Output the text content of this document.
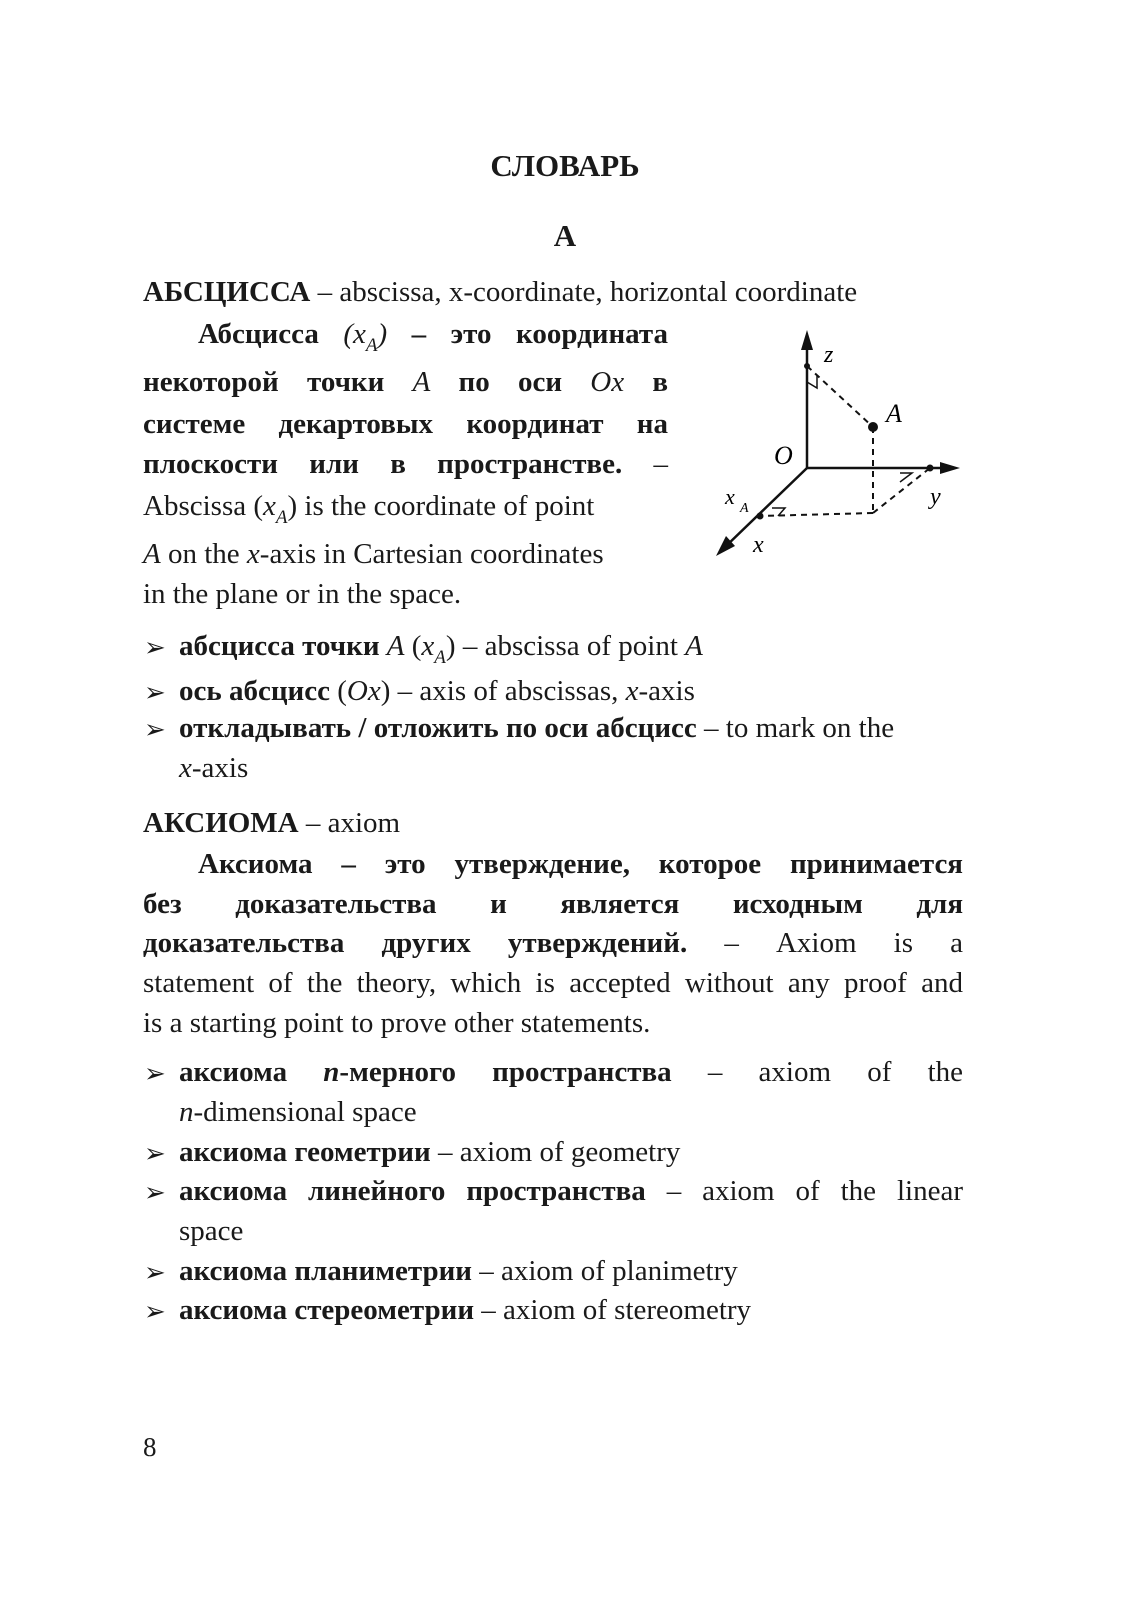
СЛОВАРЬ
А
АБСЦИССА – abscissa, x-coordinate, horizontal coordinate
Абсцисса $(x_A)$ – это координата
некоторой точки A по оси Ox в
системе декартовых координат на
плоскости или в пространстве. –
Abscissa $(x_A)$ is the coordinate of point
A on the x-axis in Cartesian coordinates
in the plane or in the space.
z
A
O
y
x
x A
➢ абсцисса точки A $(x_A)$ – abscissa of point A
➢ ось абсцисс (Ox) – axis of abscissas, x-axis
➢ откладывать / отложить по оси абсцисс – to mark on the
x-axis
АКСИОМА – axiom
Аксиома – это утверждение, которое принимается
без доказательства и является исходным для
доказательства других утверждений. – Axiom is a
statement of the theory, which is accepted without any proof and
is a starting point to prove other statements.
➢ аксиома n-мерного пространства – axiom of the
n-dimensional space
➢ аксиома геометрии – axiom of geometry
➢ аксиома линейного пространства – axiom of the linear
space
➢ аксиома планиметрии – axiom of planimetry
➢ аксиома стереометрии – axiom of stereometry
8
